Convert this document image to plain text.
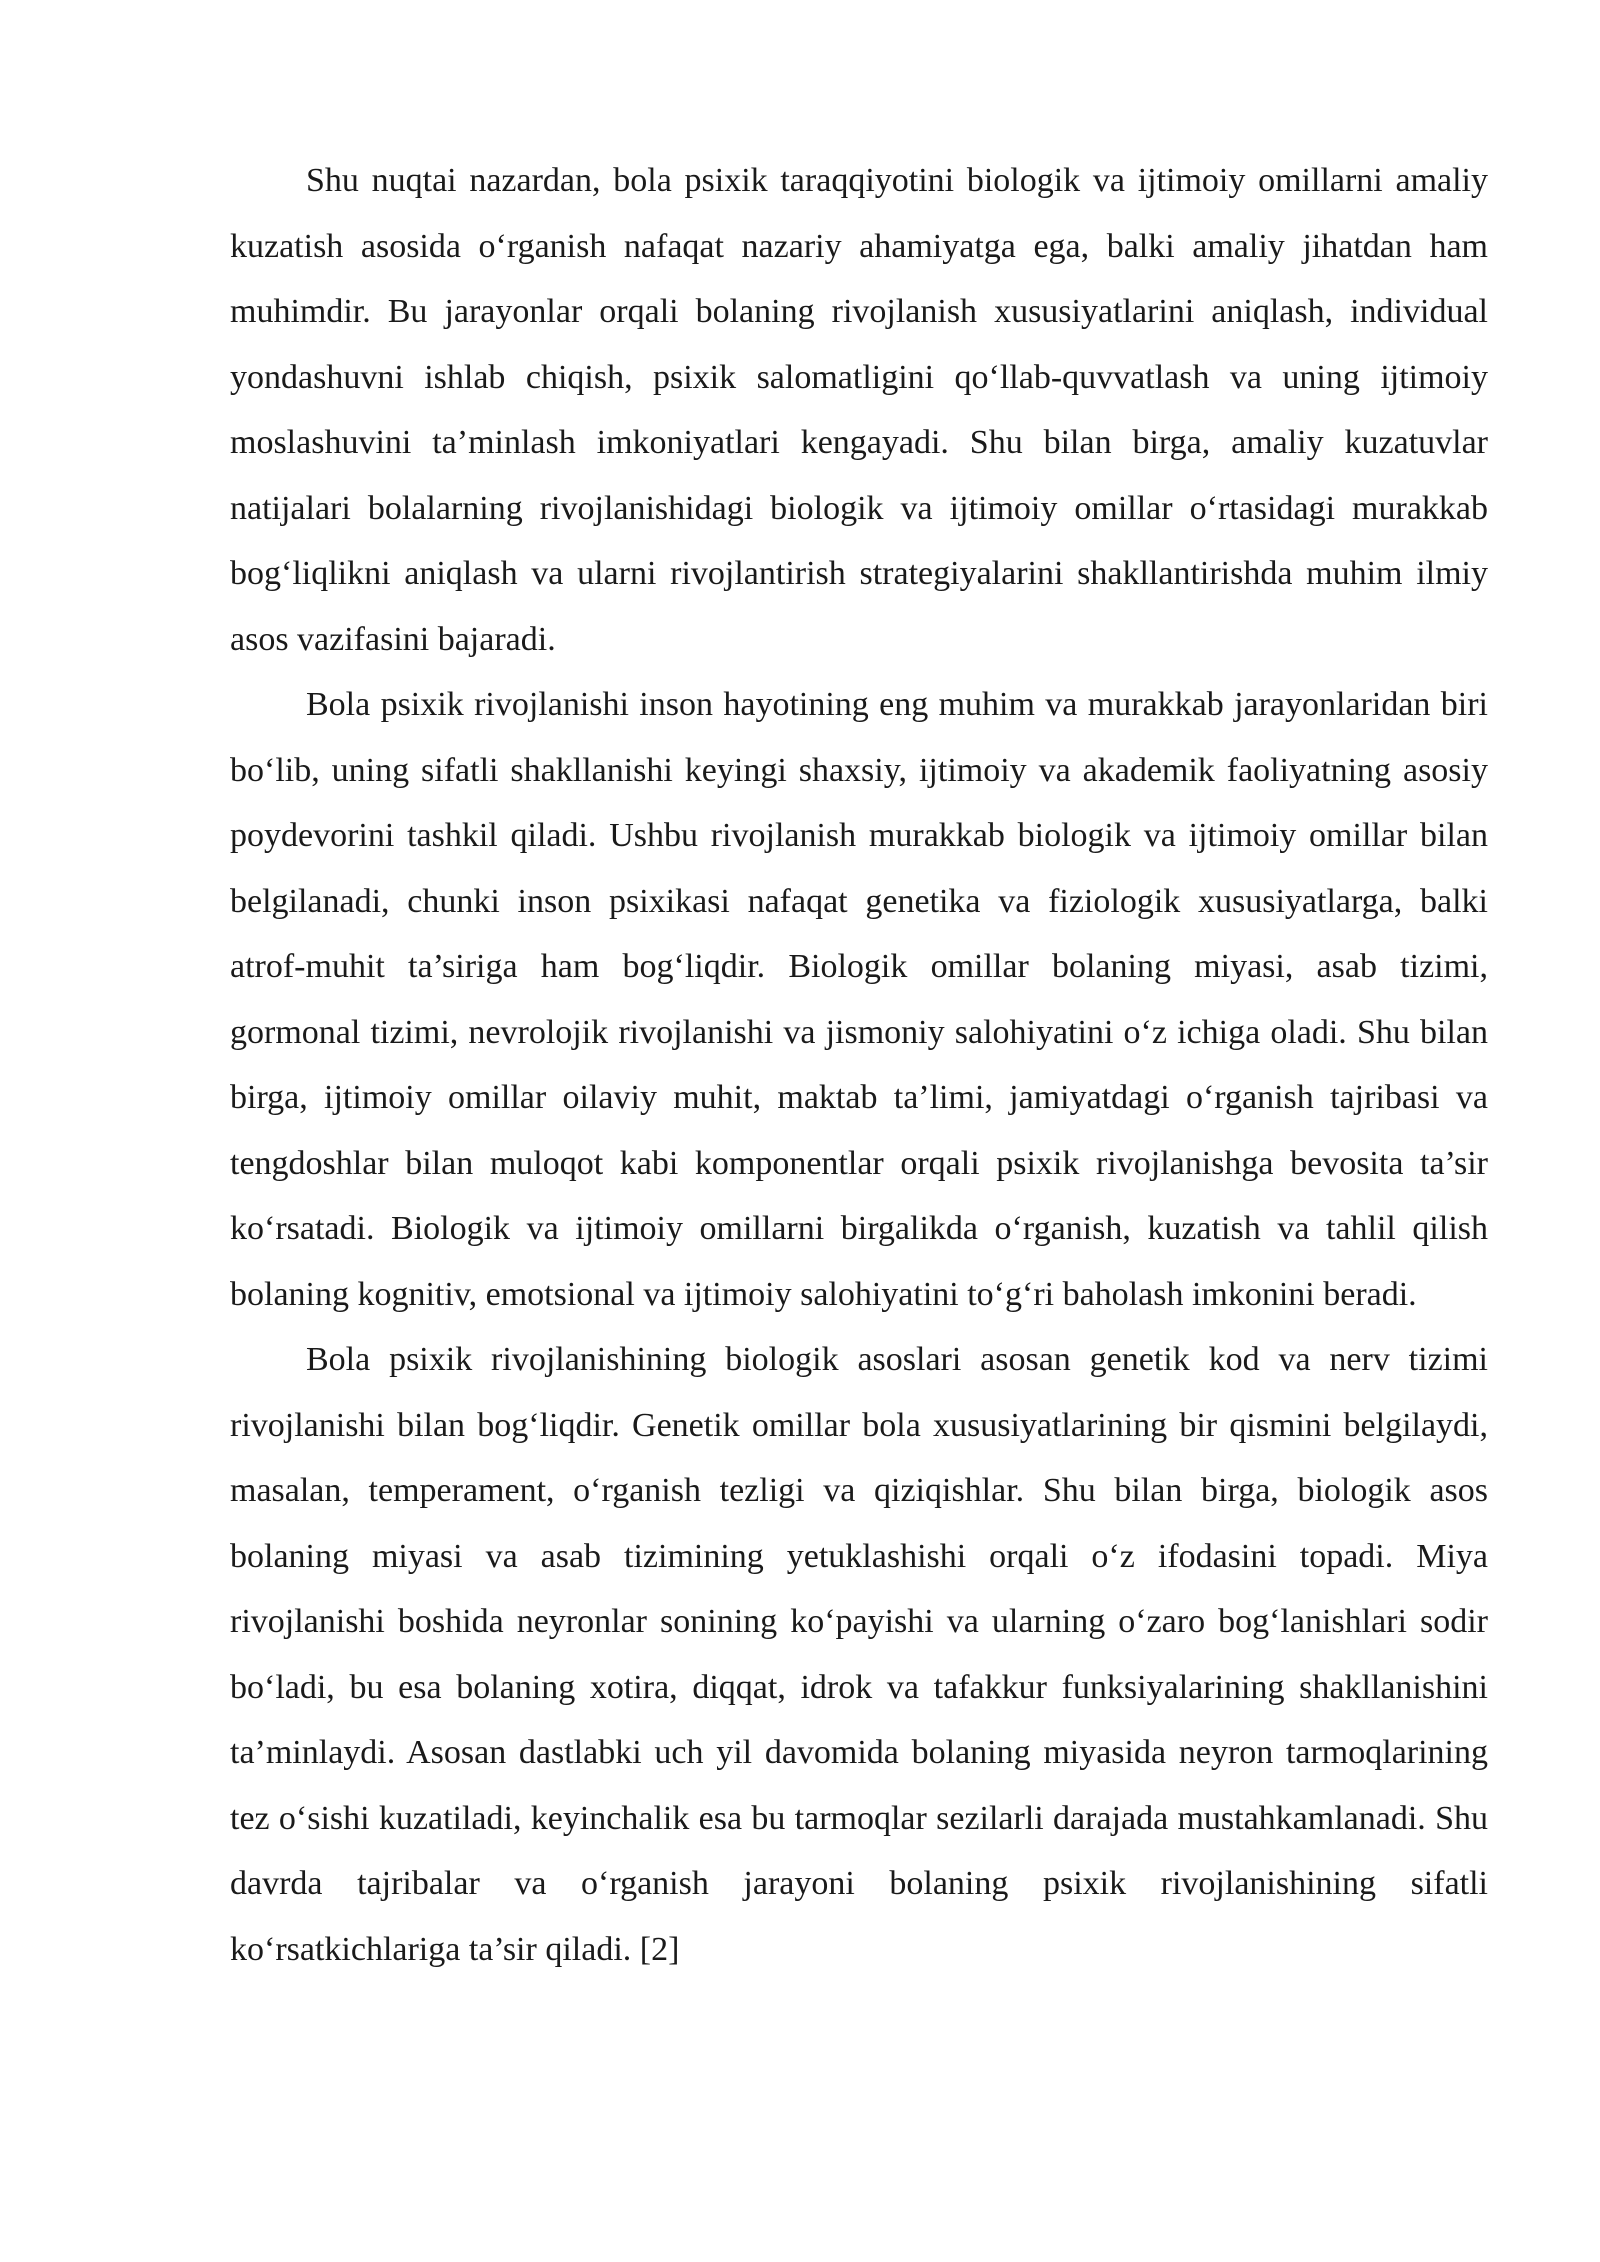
Shu nuqtai nazardan, bola psixik taraqqiyotini biologik va ijtimoiy omillarni amaliy kuzatish asosida oʻrganish nafaqat nazariy ahamiyatga ega, balki amaliy jihatdan ham muhimdir. Bu jarayonlar orqali bolaning rivojlanish xususiyatlarini aniqlash, individual yondashuvni ishlab chiqish, psixik salomatligini qoʻllab-quvvatlash va uning ijtimoiy moslashuvini ta’minlash imkoniyatlari kengayadi. Shu bilan birga, amaliy kuzatuvlar natijalari bolalarning rivojlanishidagi biologik va ijtimoiy omillar oʻrtasidagi murakkab bogʻliqlikni aniqlash va ularni rivojlantirish strategiyalarini shakllantirishda muhim ilmiy asos vazifasini bajaradi.

Bola psixik rivojlanishi inson hayotining eng muhim va murakkab jarayonlaridan biri boʻlib, uning sifatli shakllanishi keyingi shaxsiy, ijtimoiy va akademik faoliyatning asosiy poydevorini tashkil qiladi. Ushbu rivojlanish murakkab biologik va ijtimoiy omillar bilan belgilanadi, chunki inson psixikasi nafaqat genetika va fiziologik xususiyatlarga, balki atrof-muhit ta’siriga ham bogʻliqdir. Biologik omillar bolaning miyasi, asab tizimi, gormonal tizimi, nevrolojik rivojlanishi va jismoniy salohiyatini oʻz ichiga oladi. Shu bilan birga, ijtimoiy omillar oilaviy muhit, maktab ta’limi, jamiyatdagi oʻrganish tajribasi va tengdoshlar bilan muloqot kabi komponentlar orqali psixik rivojlanishga bevosita ta’sir koʻrsatadi. Biologik va ijtimoiy omillarni birgalikda oʻrganish, kuzatish va tahlil qilish bolaning kognitiv, emotsional va ijtimoiy salohiyatini toʻgʻri baholash imkonini beradi.

Bola psixik rivojlanishining biologik asoslari asosan genetik kod va nerv tizimi rivojlanishi bilan bogʻliqdir. Genetik omillar bola xususiyatlarining bir qismini belgilaydi, masalan, temperament, oʻrganish tezligi va qiziqishlar. Shu bilan birga, biologik asos bolaning miyasi va asab tizimining yetuklashishi orqali oʻz ifodasini topadi. Miya rivojlanishi boshida neyronlar sonining koʻpayishi va ularning oʻzaro bogʻlanishlari sodir boʻladi, bu esa bolaning xotira, diqqat, idrok va tafakkur funksiyalarining shakllanishini ta’minlaydi. Asosan dastlabki uch yil davomida bolaning miyasida neyron tarmoqlarining tez oʻsishi kuzatiladi, keyinchalik esa bu tarmoqlar sezilarli darajada mustahkamlanadi. Shu davrda tajribalar va oʻrganish jarayoni bolaning psixik rivojlanishining sifatli koʻrsatkichlariga ta’sir qiladi. [2]
